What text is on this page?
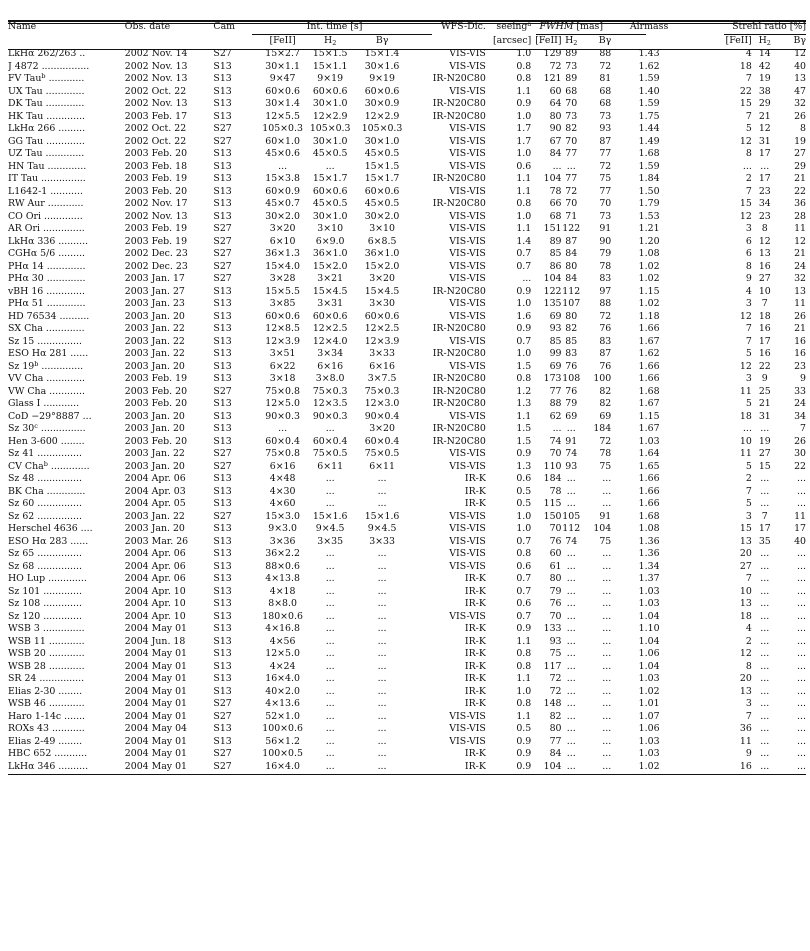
Name	Obs. date	Cam	Int. time [s]			WFS-Dic.	seeing$^a$	FWHM [mas]			Airmass	Strehl ratio [%]		
			[FeII]	$H_2$	Bγ		[arcsec]	[FeII]	$H_2$	Bγ		[FeII]	$H_2$	Bγ
LkHα 262/263 ..	2002 Nov. 14	S27	15×2.7	15×1.5	15×1.4	VIS-VIS	1.0	129	89	88	1.43	4	14	12
J 4872 ................	2002 Nov. 13	S13	30×1.1	15×1.1	30×1.6	VIS-VIS	0.8	72	73	72	1.62	18	42	40
FV Tau$^b$ ............	2002 Nov. 13	S13	9×47	9×19	9×19	IR-N20C80	0.8	121	89	81	1.59	7	19	13
UX Tau .............	2002 Oct. 22	S13	60×0.6	60×0.6	60×0.6	VIS-VIS	1.1	60	68	68	1.40	22	38	47
DK Tau .............	2002 Nov. 13	S13	30×1.4	30×1.0	30×0.9	IR-N20C80	0.9	64	70	68	1.59	15	29	32
HK Tau .............	2003 Feb. 17	S13	12×5.5	12×2.9	12×2.9	IR-N20C80	1.0	80	73	73	1.75	7	21	26
LkHα 266 .........	2002 Oct. 22	S27	105×0.3	105×0.3	105×0.3	VIS-VIS	1.7	90	82	93	1.44	5	12	8
GG Tau .............	2002 Oct. 22	S27	60×1.0	30×1.0	30×1.0	VIS-VIS	1.7	67	70	87	1.49	12	31	19
UZ Tau .............	2003 Feb. 20	S13	45×0.6	45×0.5	45×0.5	VIS-VIS	1.0	84	77	77	1.68	8	17	27
HN Tau .............	2003 Feb. 18	S13	...	...	15×1.5	VIS-VIS	0.6	...	...	72	1.59	...	...	29
IT Tau ...............	2003 Feb. 19	S13	15×3.8	15×1.7	15×1.7	IR-N20C80	1.1	104	77	75	1.84	2	17	21
L1642-1 ...........	2003 Feb. 20	S13	60×0.9	60×0.6	60×0.6	VIS-VIS	1.1	78	72	77	1.50	7	23	22
RW Aur ............	2002 Nov. 17	S13	45×0.7	45×0.5	45×0.5	IR-N20C80	0.8	66	70	70	1.79	15	34	36
CO Ori .............	2002 Nov. 13	S13	30×2.0	30×1.0	30×2.0	VIS-VIS	1.0	68	71	73	1.53	12	23	28
AR Ori ..............	2003 Feb. 19	S27	3×20	3×10	3×10	VIS-VIS	1.1	151	122	91	1.21	3	8	11
LkHα 336 ..........	2003 Feb. 19	S27	6×10	6×9.0	6×8.5	VIS-VIS	1.4	89	87	90	1.20	6	12	12
CGHα 5/6 .........	2002 Dec. 23	S27	36×1.3	36×1.0	36×1.0	VIS-VIS	0.7	85	84	79	1.08	6	13	21
PHα 14 .............	2002 Dec. 23	S27	15×4.0	15×2.0	15×2.0	VIS-VIS	0.7	86	80	78	1.02	8	16	24
PHα 30 .............	2003 Jan. 17	S27	3×28	3×21	3×20	VIS-VIS	...	104	84	83	1.02	9	27	32
vBH 16 .............	2003 Jan. 27	S13	15×5.5	15×4.5	15×4.5	IR-N20C80	0.9	122	112	97	1.15	4	10	13
PHα 51 .............	2003 Jan. 23	S13	3×85	3×31	3×30	VIS-VIS	1.0	135	107	88	1.02	3	7	11
HD 76534 ..........	2003 Jan. 20	S13	60×0.6	60×0.6	60×0.6	VIS-VIS	1.6	69	80	72	1.18	12	18	26
SX Cha .............	2003 Jan. 22	S13	12×8.5	12×2.5	12×2.5	IR-N20C80	0.9	93	82	76	1.66	7	16	21
Sz 15 ...............	2003 Jan. 22	S13	12×3.9	12×4.0	12×3.9	VIS-VIS	0.7	85	85	83	1.67	7	17	16
ESO Hα 281 ......	2003 Jan. 22	S13	3×51	3×34	3×33	IR-N20C80	1.0	99	83	87	1.62	5	16	16
Sz 19$^b$ ..............	2003 Jan. 20	S13	6×22	6×16	6×16	VIS-VIS	1.5	69	76	76	1.66	12	22	23
VV Cha .............	2003 Feb. 19	S13	3×18	3×8.0	3×7.5	IR-N20C80	0.8	173	108	100	1.66	3	9	9
VW Cha ............	2003 Feb. 20	S27	75×0.8	75×0.3	75×0.3	IR-N20C80	1.2	77	76	82	1.68	11	25	33
Glass I ............	2003 Feb. 20	S13	12×5.0	12×3.5	12×3.0	IR-N20C80	1.3	88	79	82	1.67	5	21	24
CoD −29°8887 ...	2003 Jan. 20	S13	90×0.3	90×0.3	90×0.4	VIS-VIS	1.1	62	69	69	1.15	18	31	34
Sz 30$^c$ ...............	2003 Jan. 20	S13	...	...	3×20	IR-N20C80	1.5	...	...	184	1.67	...	...	7
Hen 3-600 ........	2003 Feb. 20	S13	60×0.4	60×0.4	60×0.4	IR-N20C80	1.5	74	91	72	1.03	10	19	26
Sz 41 ...............	2003 Jan. 22	S27	75×0.8	75×0.5	75×0.5	VIS-VIS	0.9	70	74	78	1.64	11	27	30
CV Cha$^b$ .............	2003 Jan. 20	S27	6×16	6×11	6×11	VIS-VIS	1.3	110	93	75	1.65	5	15	22
Sz 48 ...............	2004 Apr. 06	S13	4×48	...	...	IR-K	0.6	184	...	...	1.66	2	...	...
BK Cha .............	2004 Apr. 03	S13	4×30	...	...	IR-K	0.5	78	...	...	1.66	7	...	...
Sz 60 ...............	2004 Apr. 05	S13	4×60	...	...	IR-K	0.5	115	...	...	1.66	5	...	...
Sz 62 ...............	2003 Jan. 22	S27	15×3.0	15×1.6	15×1.6	VIS-VIS	1.0	150	105	91	1.68	3	7	11
Herschel 4636 ....	2003 Jan. 20	S13	9×3.0	9×4.5	9×4.5	VIS-VIS	1.0	70	112	104	1.08	15	17	17
ESO Hα 283 ......	2003 Mar. 26	S13	3×36	3×35	3×33	VIS-VIS	0.7	76	74	75	1.36	13	35	40
Sz 65 ...............	2004 Apr. 06	S13	36×2.2	...	...	VIS-VIS	0.8	60	...	...	1.36	20	...	...
Sz 68 ...............	2004 Apr. 06	S13	88×0.6	...	...	VIS-VIS	0.6	61	...	...	1.34	27	...	...
HO Lup .............	2004 Apr. 06	S13	4×13.8	...	...	IR-K	0.7	80	...	...	1.37	7	...	...
Sz 101 .............	2004 Apr. 10	S13	4×18	...	...	IR-K	0.7	79	...	...	1.03	10	...	...
Sz 108 .............	2004 Apr. 10	S13	8×8.0	...	...	IR-K	0.6	76	...	...	1.03	13	...	...
Sz 120 .............	2004 Apr. 10	S13	180×0.6	...	...	VIS-VIS	0.7	70	...	...	1.04	18	...	...
WSB 3 ..............	2004 May 01	S13	4×16.8	...	...	IR-K	0.9	133	...	...	1.10	4	...	...
WSB 11 ............	2004 Jun. 18	S13	4×56	...	...	IR-K	1.1	93	...	...	1.04	2	...	...
WSB 20 ............	2004 May 01	S13	12×5.0	...	...	IR-K	0.8	75	...	...	1.06	12	...	...
WSB 28 ............	2004 May 01	S13	4×24	...	...	IR-K	0.8	117	...	...	1.04	8	...	...
SR 24 ...............	2004 May 01	S13	16×4.0	...	...	IR-K	1.1	72	...	...	1.03	20	...	...
Elias 2-30 ........	2004 May 01	S13	40×2.0	...	...	IR-K	1.0	72	...	...	1.02	13	...	...
WSB 46 ............	2004 May 01	S27	4×13.6	...	...	IR-K	0.8	148	...	...	1.01	3	...	...
Haro 1-14c .......	2004 May 01	S27	52×1.0	...	...	VIS-VIS	1.1	82	...	...	1.07	7	...	...
ROXs 43 ...........	2004 May 04	S13	100×0.6	...	...	VIS-VIS	0.5	80	...	...	1.06	36	...	...
Elias 2-49 ........	2004 May 01	S13	56×1.2	...	...	VIS-VIS	0.9	77	...	...	1.03	11	...	...
HBC 652 ...........	2004 May 01	S27	100×0.5	...	...	IR-K	0.9	84	...	...	1.03	9	...	...
LkHα 346 ..........	2004 May 01	S27	16×4.0	...	...	IR-K	0.9	104	...	...	1.02	16	...	...
